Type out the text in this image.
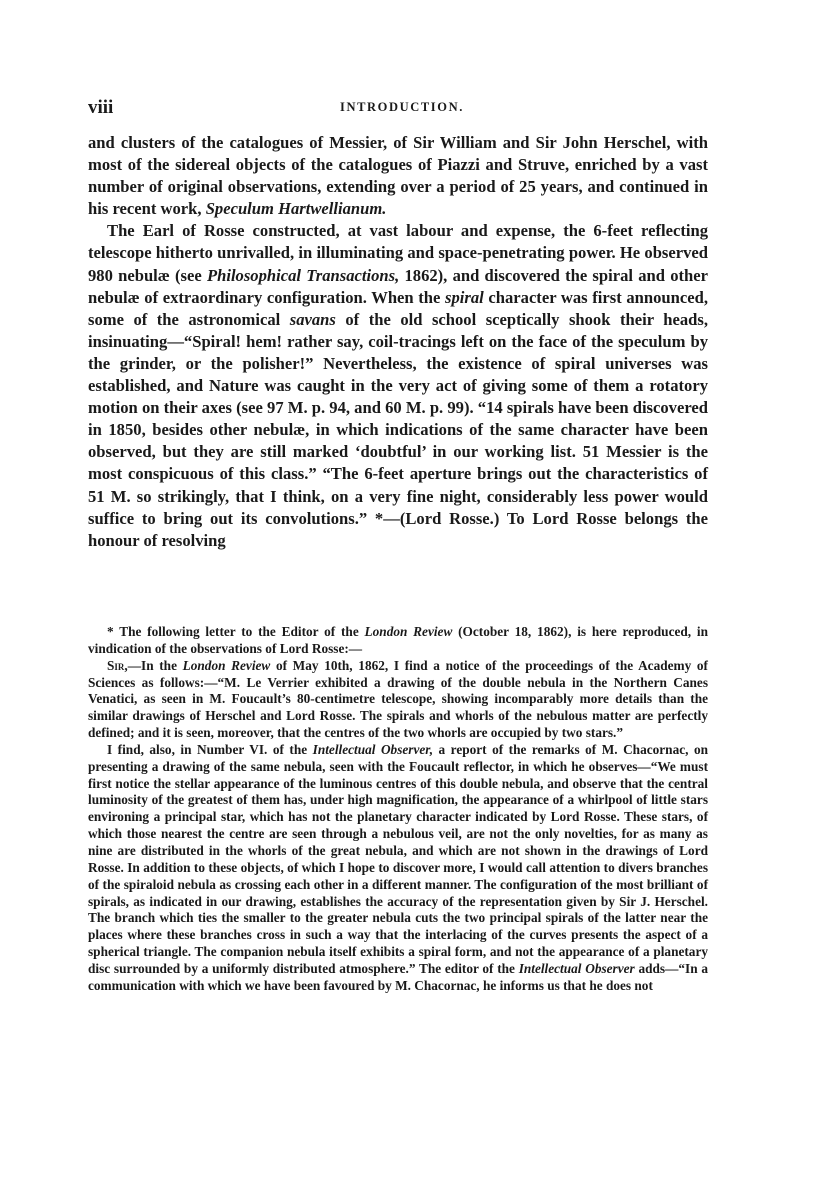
viii	INTRODUCTION.

and clusters of the catalogues of Messier, of Sir William and Sir John Herschel, with most of the sidereal objects of the catalogues of Piazzi and Struve, enriched by a vast number of original observations, extending over a period of 25 years, and continued in his recent work, Speculum Hartwellianum.

The Earl of Rosse constructed, at vast labour and expense, the 6-feet reflecting telescope hitherto unrivalled, in illuminating and space-penetrating power. He observed 980 nebulæ (see Philosophical Transactions, 1862), and discovered the spiral and other nebulæ of extraordinary configuration. When the spiral character was first announced, some of the astronomical savans of the old school sceptically shook their heads, insinuating—“Spiral! hem! rather say, coil-tracings left on the face of the speculum by the grinder, or the polisher!” Nevertheless, the existence of spiral universes was established, and Nature was caught in the very act of giving some of them a rotatory motion on their axes (see 97 M. p. 94, and 60 M. p. 99). “14 spirals have been discovered in 1850, besides other nebulæ, in which indications of the same character have been observed, but they are still marked ‘doubtful’ in our working list. 51 Messier is the most conspicuous of this class.” “The 6-feet aperture brings out the characteristics of 51 M. so strikingly, that I think, on a very fine night, considerably less power would suffice to bring out its convolutions.” *—(Lord Rosse.) To Lord Rosse belongs the honour of resolving

* The following letter to the Editor of the London Review (October 18, 1862), is here reproduced, in vindication of the observations of Lord Rosse:—

Sir,—In the London Review of May 10th, 1862, I find a notice of the proceedings of the Academy of Sciences as follows:—“M. Le Verrier exhibited a drawing of the double nebula in the Northern Canes Venatici, as seen in M. Foucault’s 80-centimetre telescope, showing incomparably more details than the similar drawings of Herschel and Lord Rosse. The spirals and whorls of the nebulous matter are perfectly defined; and it is seen, moreover, that the centres of the two whorls are occupied by two stars.”

I find, also, in Number VI. of the Intellectual Observer, a report of the remarks of M. Chacornac, on presenting a drawing of the same nebula, seen with the Foucault reflector, in which he observes—“We must first notice the stellar appearance of the luminous centres of this double nebula, and observe that the central luminosity of the greatest of them has, under high magnification, the appearance of a whirlpool of little stars environing a principal star, which has not the planetary character indicated by Lord Rosse. These stars, of which those nearest the centre are seen through a nebulous veil, are not the only novelties, for as many as nine are distributed in the whorls of the great nebula, and which are not shown in the drawings of Lord Rosse. In addition to these objects, of which I hope to discover more, I would call attention to divers branches of the spiraloid nebula as crossing each other in a different manner. The configuration of the most brilliant of spirals, as indicated in our drawing, establishes the accuracy of the representation given by Sir J. Herschel. The branch which ties the smaller to the greater nebula cuts the two principal spirals of the latter near the places where these branches cross in such a way that the interlacing of the curves presents the aspect of a spherical triangle. The companion nebula itself exhibits a spiral form, and not the appearance of a planetary disc surrounded by a uniformly distributed atmosphere.” The editor of the Intellectual Observer adds—“In a communication with which we have been favoured by M. Chacornac, he informs us that he does not
